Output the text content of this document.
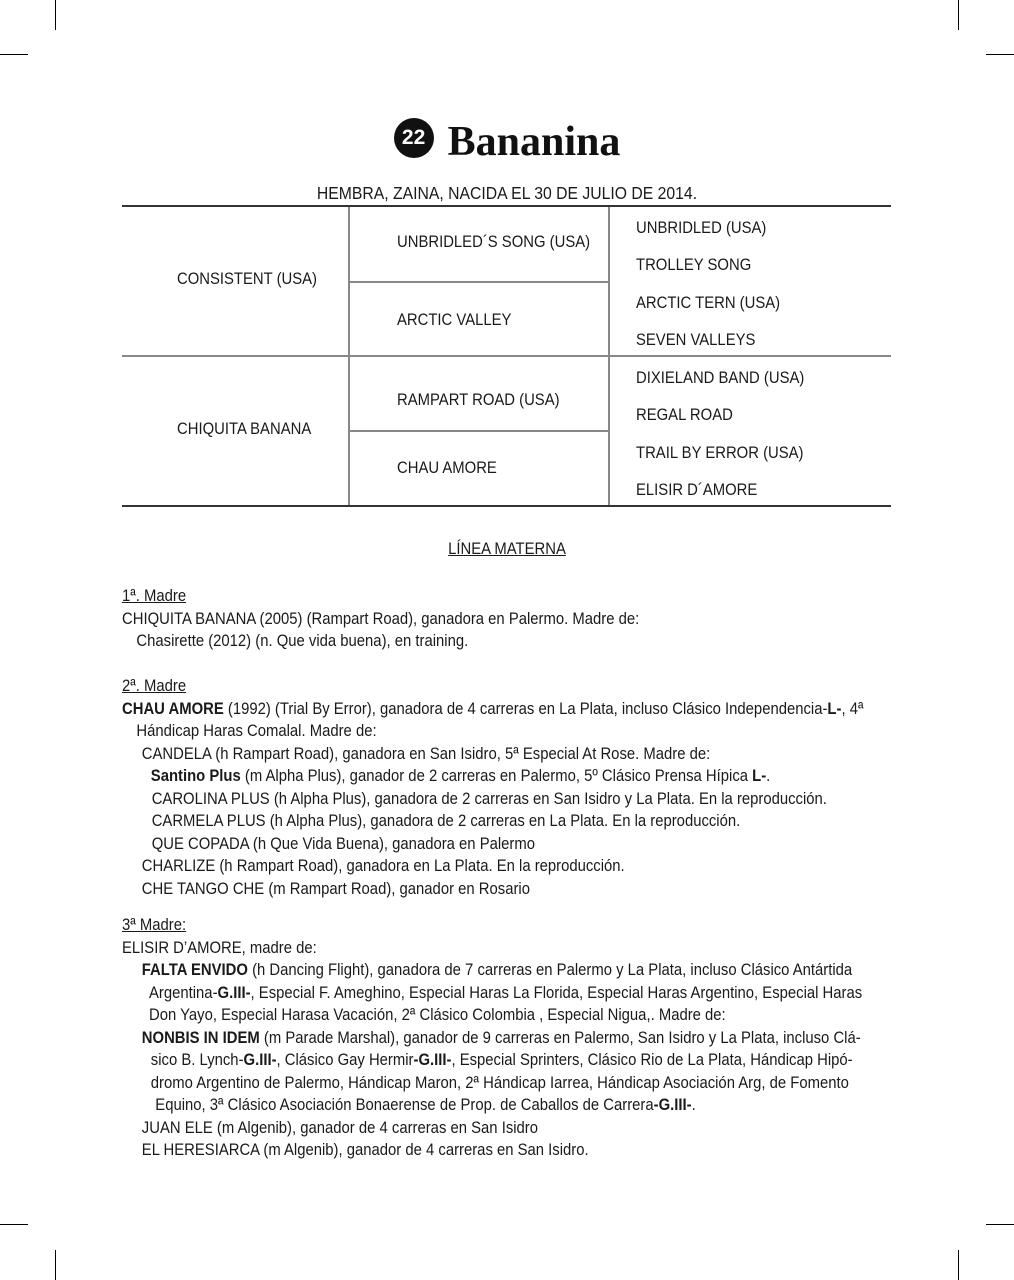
22 Bananina
HEMBRA, ZAINA, NACIDA EL 30 DE JULIO DE 2014.
CONSISTENT (USA)
CHIQUITA BANANA
UNBRIDLED´S SONG (USA)
ARCTIC VALLEY
RAMPART ROAD (USA)
CHAU AMORE
UNBRIDLED (USA)
TROLLEY SONG
ARCTIC TERN (USA)
SEVEN VALLEYS
DIXIELAND BAND (USA)
REGAL ROAD
TRAIL BY ERROR (USA)
ELISIR D´AMORE
LÍNEA MATERNA
1ª. Madre
CHIQUITA BANANA (2005) (Rampart Road), ganadora en Palermo. Madre de:
Chasirette (2012) (n. Que vida buena), en training.
2ª. Madre
CHAU AMORE (1992) (Trial By Error), ganadora de 4 carreras en La Plata, incluso Clásico Independencia-L-, 4ª
Hándicap Haras Comalal. Madre de:
CANDELA (h Rampart Road), ganadora en San Isidro, 5ª Especial At Rose. Madre de:
Santino Plus (m Alpha Plus), ganador de 2 carreras en Palermo, 5º Clásico Prensa Hípica L-.
CAROLINA PLUS (h Alpha Plus), ganadora de 2 carreras en San Isidro y La Plata. En la reproducción.
CARMELA PLUS (h Alpha Plus), ganadora de 2 carreras en La Plata. En la reproducción.
QUE COPADA (h Que Vida Buena), ganadora en Palermo
CHARLIZE (h Rampart Road), ganadora en La Plata. En la reproducción.
CHE TANGO CHE (m Rampart Road), ganador en Rosario
3ª Madre:
ELISIR D’AMORE, madre de:
FALTA ENVIDO (h Dancing Flight), ganadora de 7 carreras en Palermo y La Plata, incluso Clásico Antártida
Argentina-G.III-, Especial F. Ameghino, Especial Haras La Florida, Especial Haras Argentino, Especial Haras
Don Yayo, Especial Harasa Vacación, 2ª Clásico Colombia , Especial Nigua,. Madre de:
NONBIS IN IDEM (m Parade Marshal), ganador de 9 carreras en Palermo, San Isidro y La Plata, incluso Clá-
sico B. Lynch-G.III-, Clásico Gay Hermir-G.III-, Especial Sprinters, Clásico Rio de La Plata, Hándicap Hipó-
dromo Argentino de Palermo, Hándicap Maron, 2ª Hándicap Iarrea, Hándicap Asociación Arg, de Fomento
Equino, 3ª Clásico Asociación Bonaerense de Prop. de Caballos de Carrera-G.III-.
JUAN ELE (m Algenib), ganador de 4 carreras en San Isidro
EL HERESIARCA (m Algenib), ganador de 4 carreras en San Isidro.
